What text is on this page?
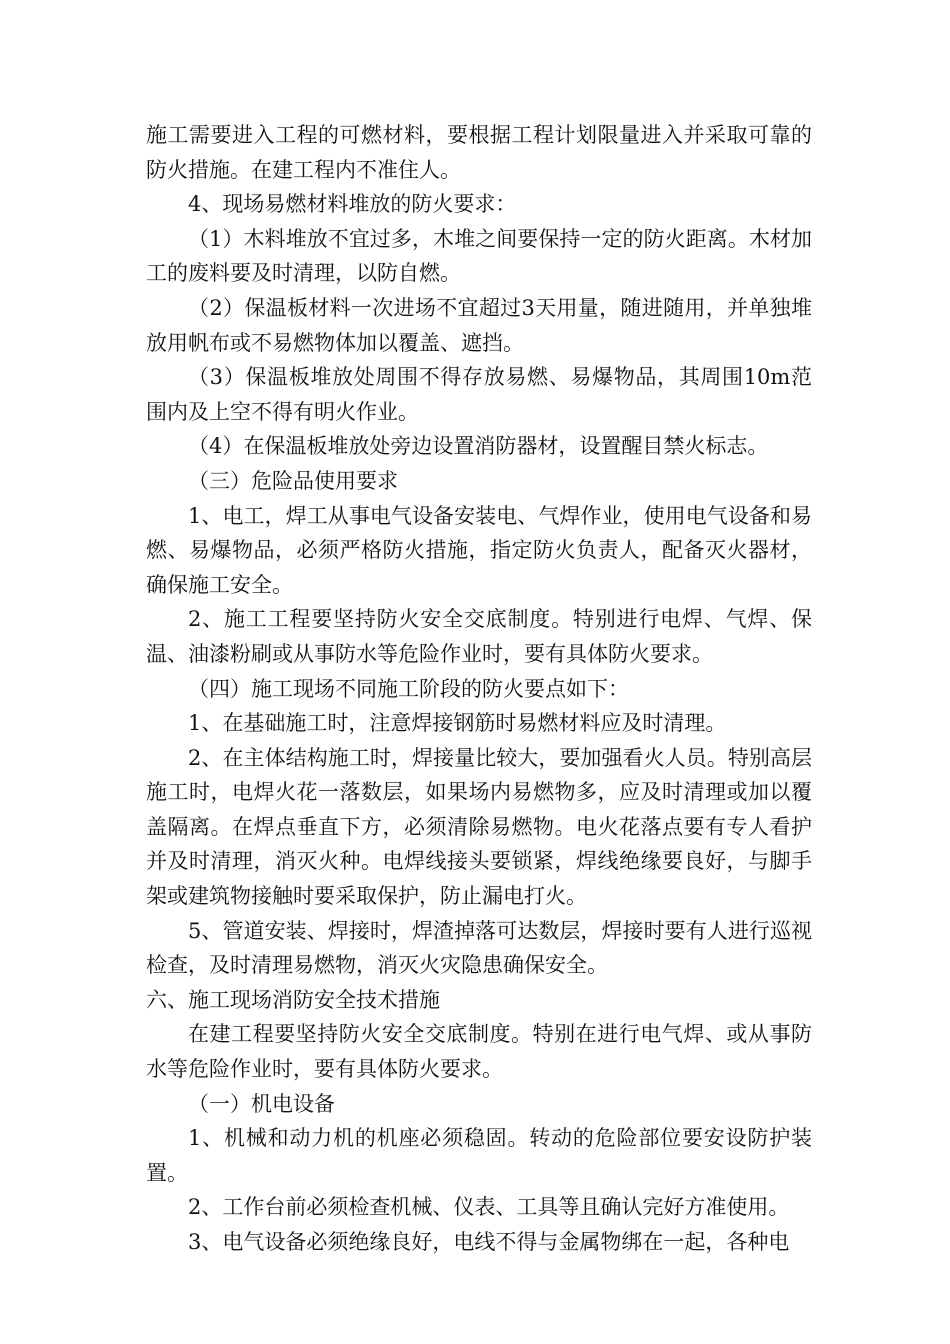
施工需要进入工程的可燃材料，要根据工程计划限量进入并采取可靠的防火措施。在建工程内不准住人。

4、现场易燃材料堆放的防火要求：

（1）木料堆放不宜过多，木堆之间要保持一定的防火距离。木材加工的废料要及时清理，以防自燃。

（2）保温板材料一次进场不宜超过3天用量，随进随用，并单独堆放用帆布或不易燃物体加以覆盖、遮挡。

（3）保温板堆放处周围不得存放易燃、易爆物品，其周围10m范围内及上空不得有明火作业。

（4）在保温板堆放处旁边设置消防器材，设置醒目禁火标志。

（三）危险品使用要求

1、电工，焊工从事电气设备安装电、气焊作业，使用电气设备和易燃、易爆物品，必须严格防火措施，指定防火负责人，配备灭火器材，确保施工安全。

2、施工工程要坚持防火安全交底制度。特别进行电焊、气焊、保温、油漆粉刷或从事防水等危险作业时，要有具体防火要求。

（四）施工现场不同施工阶段的防火要点如下：

1、在基础施工时，注意焊接钢筋时易燃材料应及时清理。

2、在主体结构施工时，焊接量比较大，要加强看火人员。特别高层施工时，电焊火花一落数层，如果场内易燃物多，应及时清理或加以覆盖隔离。在焊点垂直下方，必须清除易燃物。电火花落点要有专人看护并及时清理，消灭火种。电焊线接头要锁紧，焊线绝缘要良好，与脚手架或建筑物接触时要采取保护，防止漏电打火。

5、管道安装、焊接时，焊渣掉落可达数层，焊接时要有人进行巡视检查，及时清理易燃物，消灭火灾隐患确保安全。

六、施工现场消防安全技术措施

在建工程要坚持防火安全交底制度。特别在进行电气焊、或从事防水等危险作业时，要有具体防火要求。

（一）机电设备

1、机械和动力机的机座必须稳固。转动的危险部位要安设防护装置。

2、工作台前必须检查机械、仪表、工具等且确认完好方准使用。

3、电气设备必须绝缘良好，电线不得与金属物绑在一起，各种电
